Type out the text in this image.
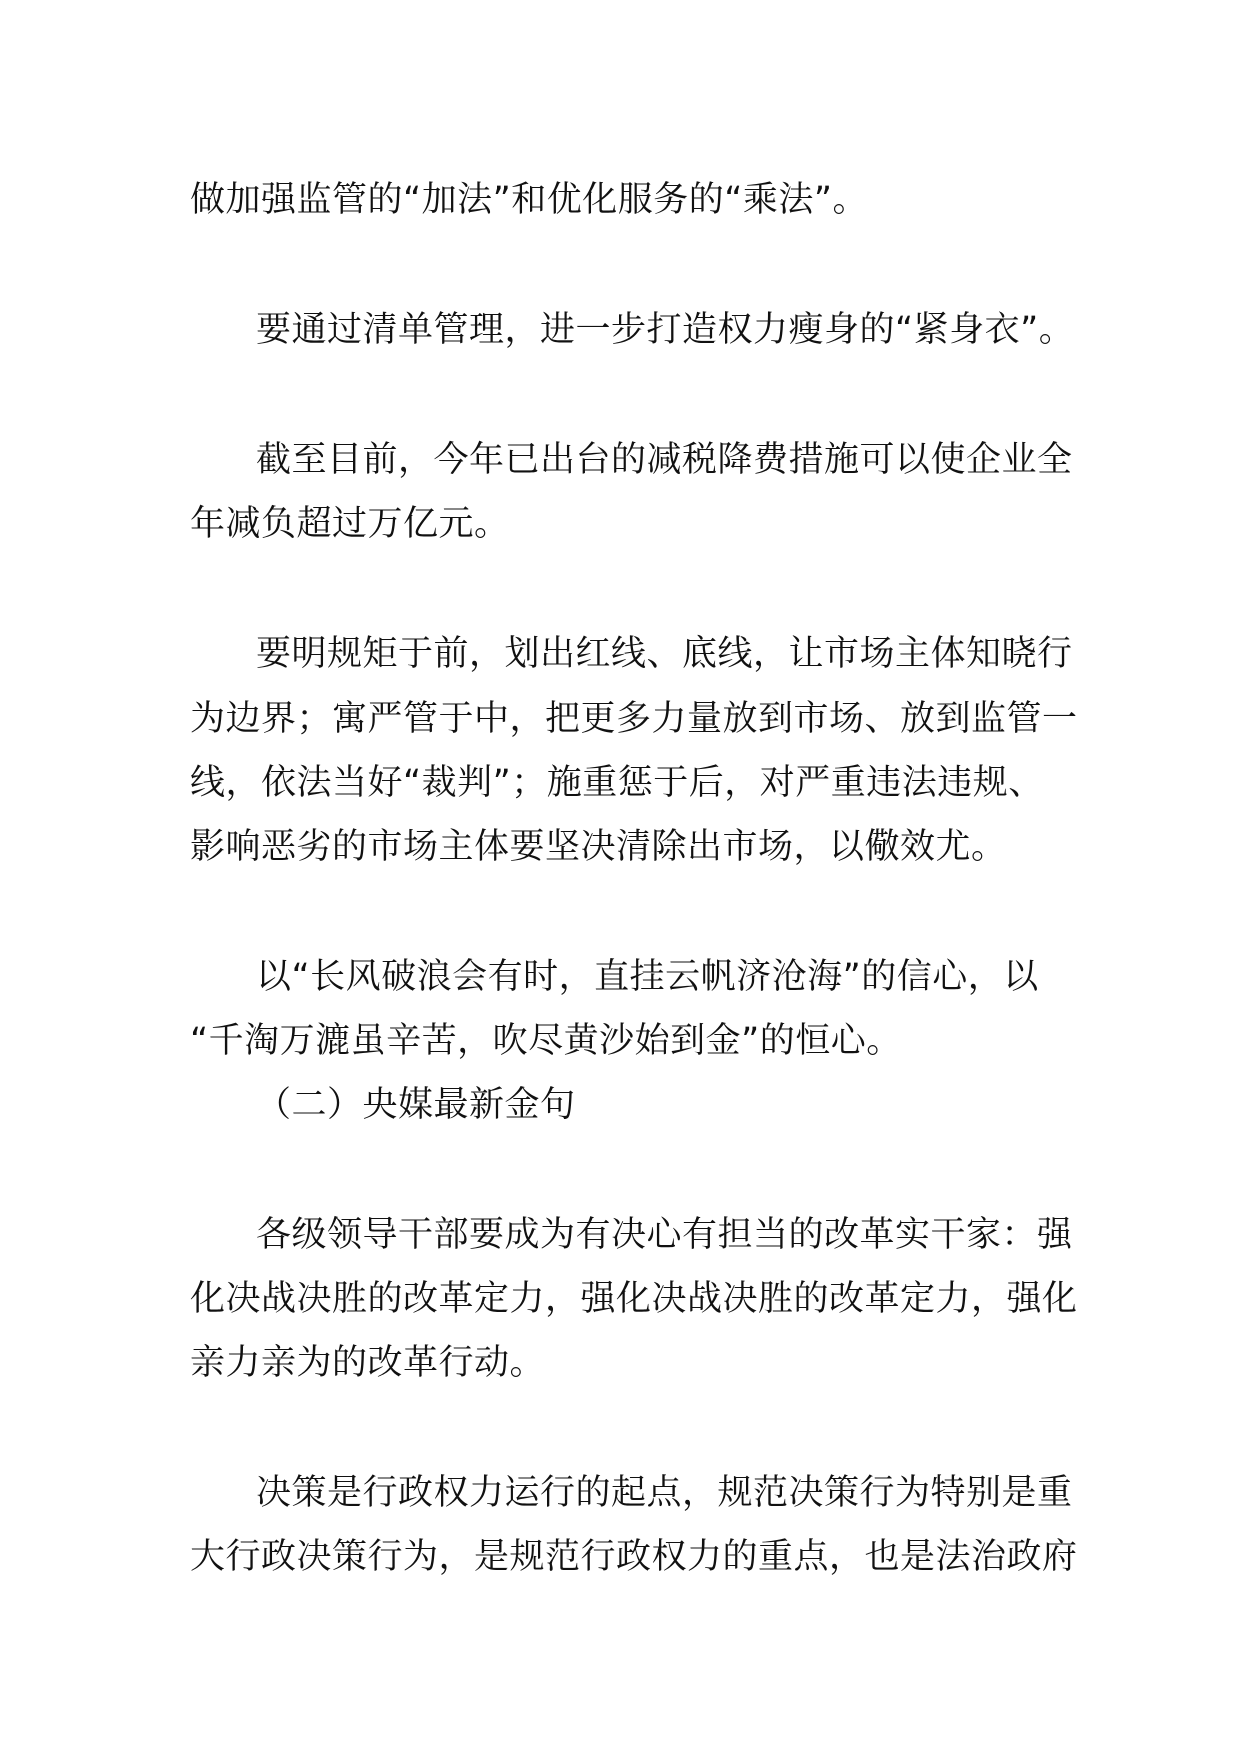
做加强监管的“加法”和优化服务的“乘法”。
要通过清单管理，进一步打造权力瘦身的“紧身衣”。
截至目前，今年已出台的减税降费措施可以使企业全
年减负超过万亿元。
要明规矩于前，划出红线、底线，让市场主体知晓行
为边界；寓严管于中，把更多力量放到市场、放到监管一
线，依法当好“裁判”；施重惩于后，对严重违法违规、
影响恶劣的市场主体要坚决清除出市场，以儆效尤。
以“长风破浪会有时，直挂云帆济沧海”的信心，以
“千淘万漉虽辛苦，吹尽黄沙始到金”的恒心。
（二）央媒最新金句
各级领导干部要成为有决心有担当的改革实干家：强
化决战决胜的改革定力，强化决战决胜的改革定力，强化
亲力亲为的改革行动。
决策是行政权力运行的起点，规范决策行为特别是重
大行政决策行为，是规范行政权力的重点，也是法治政府
